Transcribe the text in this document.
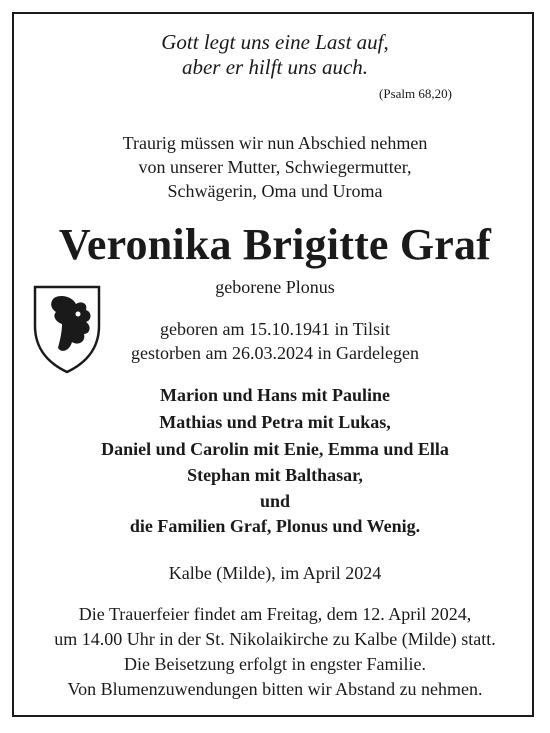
Gott legt uns eine Last auf,
aber er hilft uns auch.
(Psalm 68,20)
Traurig müssen wir nun Abschied nehmen
von unserer Mutter, Schwiegermutter,
Schwägerin, Oma und Uroma
Veronika Brigitte Graf
geborene Plonus
geboren am 15.10.1941 in Tilsit
gestorben am 26.03.2024 in Gardelegen
Marion und Hans mit Pauline
Mathias und Petra mit Lukas,
Daniel und Carolin mit Enie, Emma und Ella
Stephan mit Balthasar,
und
die Familien Graf, Plonus und Wenig.
Kalbe (Milde), im April 2024
Die Trauerfeier findet am Freitag, dem 12. April 2024,
um 14.00 Uhr in der St. Nikolaikirche zu Kalbe (Milde) statt.
Die Beisetzung erfolgt in engster Familie.
Von Blumenzuwendungen bitten wir Abstand zu nehmen.
